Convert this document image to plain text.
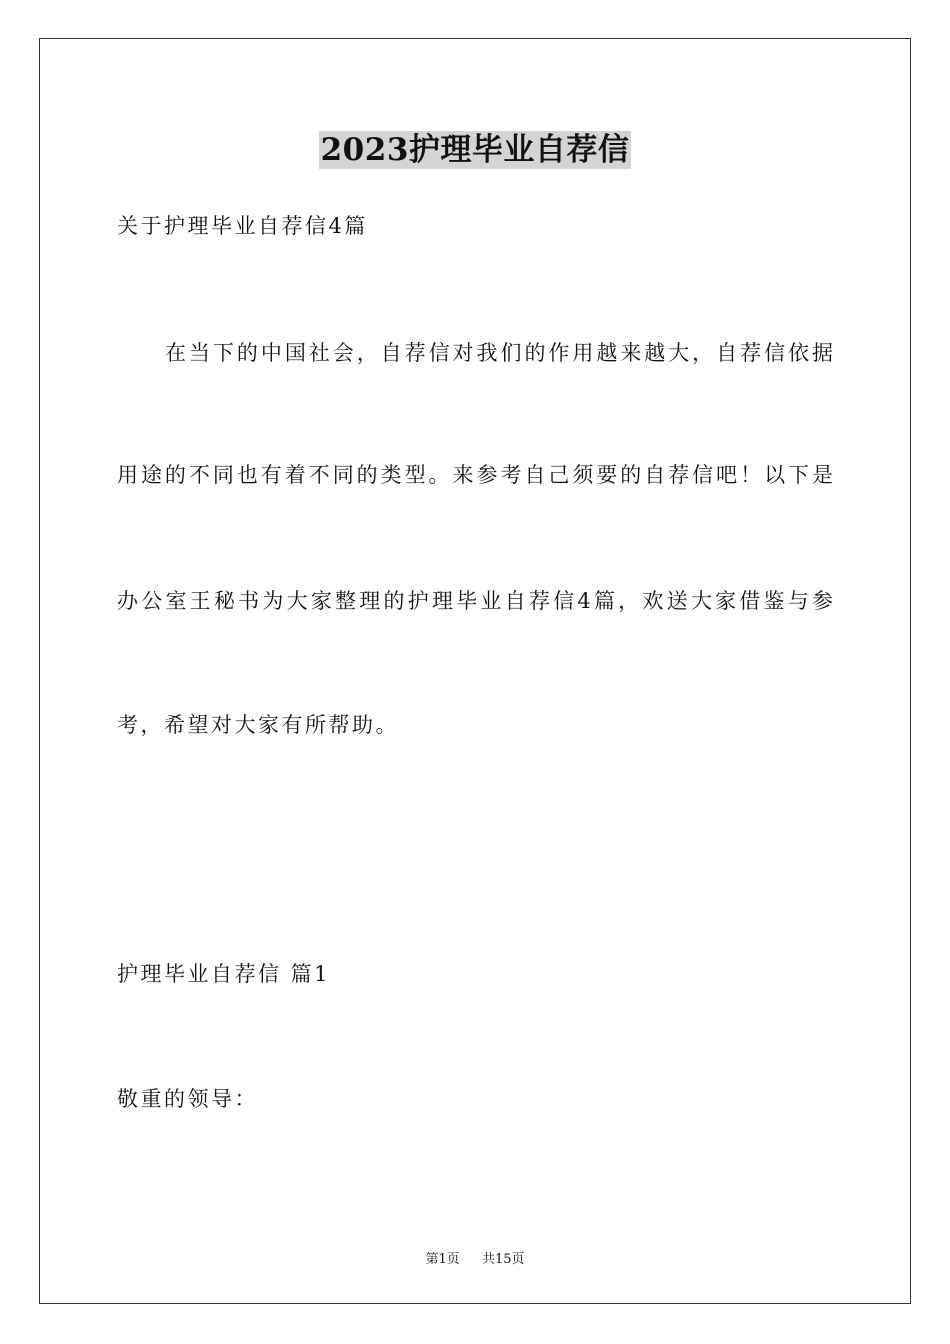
2023护理毕业自荐信
关于护理毕业自荐信4篇
在当下的中国社会，自荐信对我们的作用越来越大，自荐信依据
用途的不同也有着不同的类型。来参考自己须要的自荐信吧！以下是
办公室王秘书为大家整理的护理毕业自荐信4篇，欢送大家借鉴与参
考，希望对大家有所帮助。
护理毕业自荐信 篇1
敬重的领导：
第1页 共15页
